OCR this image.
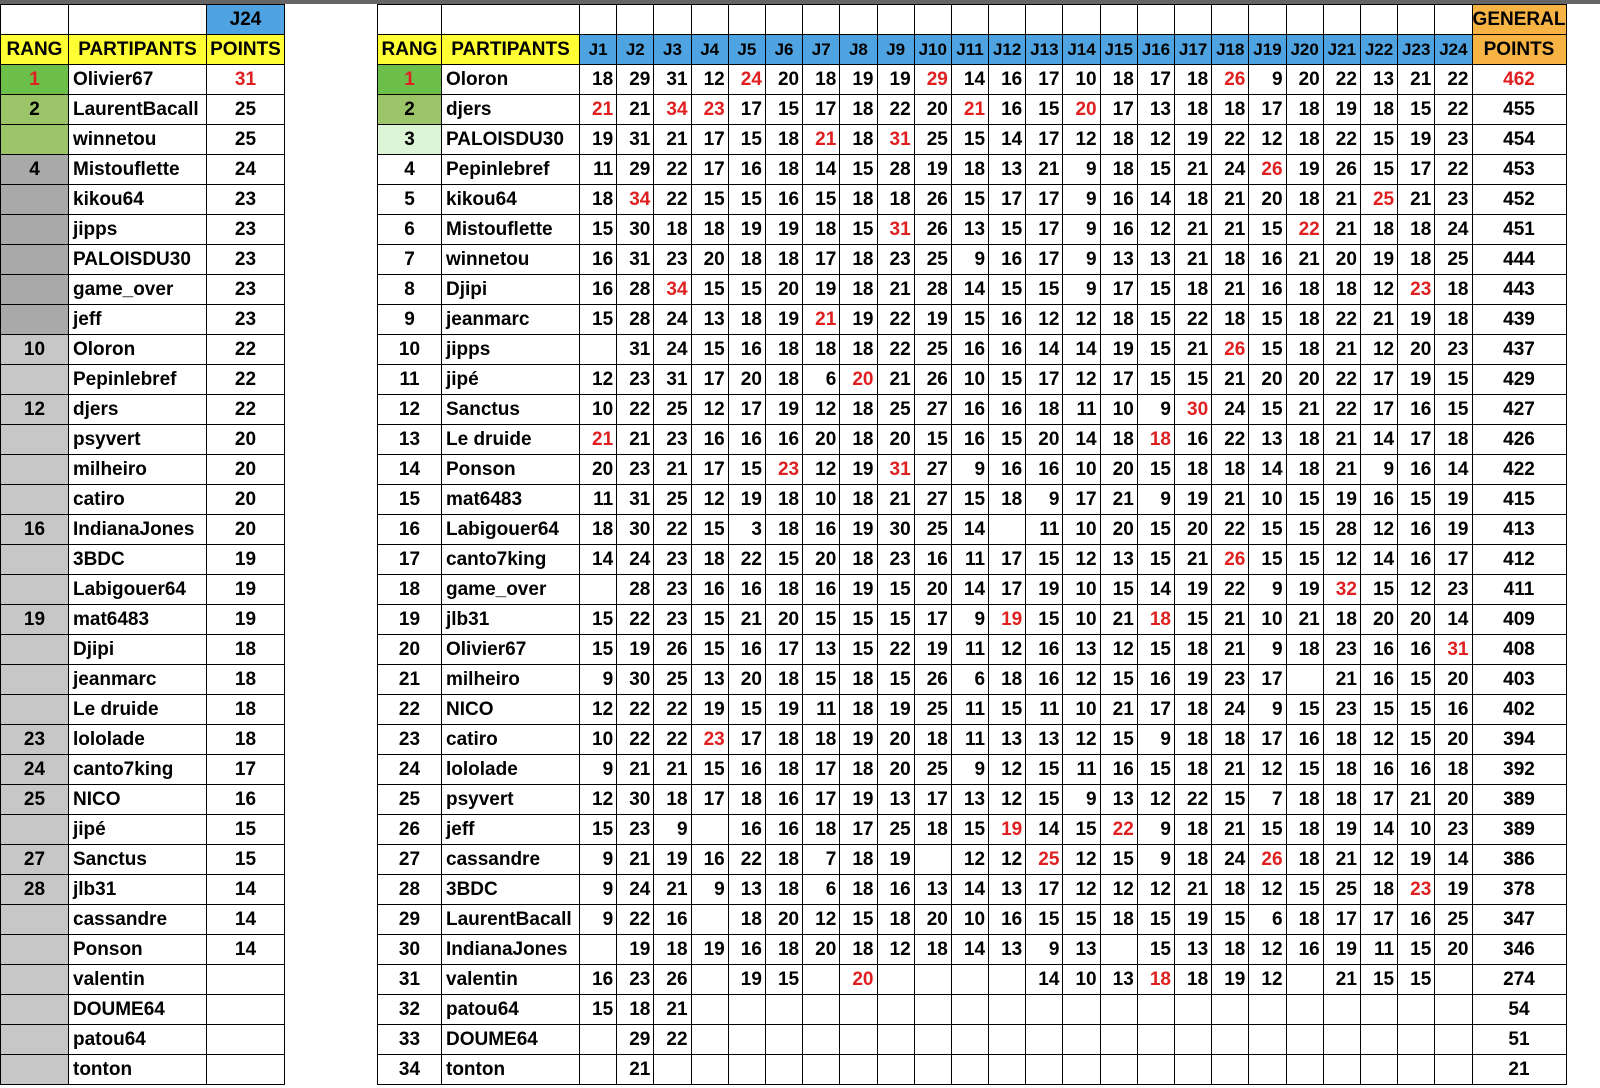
		J24
RANG	PARTIPANTS	POINTS
1	Olivier67	31
2	LaurentBacall	25
	winnetou	25
4	Mistouflette	24
	kikou64	23
	jipps	23
	PALOISDU30	23
	game_over	23
	jeff	23
10	Oloron	22
	Pepinlebref	22
12	djers	22
	psyvert	20
	milheiro	20
	catiro	20
16	IndianaJones	20
	3BDC	19
	Labigouer64	19
19	mat6483	19
	Djipi	18
	jeanmarc	18
	Le druide	18
23	lololade	18
24	canto7king	17
25	NICO	16
	jipé	15
27	Sanctus	15
28	jlb31	14
	cassandre	14
	Ponson	14
	valentin	
	DOUME64	
	patou64	
	tonton	
																										GENERAL
RANG	PARTIPANTS	J1	J2	J3	J4	J5	J6	J7	J8	J9	J10	J11	J12	J13	J14	J15	J16	J17	J18	J19	J20	J21	J22	J23	J24	POINTS
1	Oloron	18	29	31	12	24	20	18	19	19	29	14	16	17	10	18	17	18	26	9	20	22	13	21	22	462
2	djers	21	21	34	23	17	15	17	18	22	20	21	16	15	20	17	13	18	18	17	18	19	18	15	22	455
3	PALOISDU30	19	31	21	17	15	18	21	18	31	25	15	14	17	12	18	12	19	22	12	18	22	15	19	23	454
4	Pepinlebref	11	29	22	17	16	18	14	15	28	19	18	13	21	9	18	15	21	24	26	19	26	15	17	22	453
5	kikou64	18	34	22	15	15	16	15	18	18	26	15	17	17	9	16	14	18	21	20	18	21	25	21	23	452
6	Mistouflette	15	30	18	18	19	19	18	15	31	26	13	15	17	9	16	12	21	21	15	22	21	18	18	24	451
7	winnetou	16	31	23	20	18	18	17	18	23	25	9	16	17	9	13	13	21	18	16	21	20	19	18	25	444
8	Djipi	16	28	34	15	15	20	19	18	21	28	14	15	15	9	17	15	18	21	16	18	18	12	23	18	443
9	jeanmarc	15	28	24	13	18	19	21	19	22	19	15	16	12	12	18	15	22	18	15	18	22	21	19	18	439
10	jipps		31	24	15	16	18	18	18	22	25	16	16	14	14	19	15	21	26	15	18	21	12	20	23	437
11	jipé	12	23	31	17	20	18	6	20	21	26	10	15	17	12	17	15	15	21	20	20	22	17	19	15	429
12	Sanctus	10	22	25	12	17	19	12	18	25	27	16	16	18	11	10	9	30	24	15	21	22	17	16	15	427
13	Le druide	21	21	23	16	16	16	20	18	20	15	16	15	20	14	18	18	16	22	13	18	21	14	17	18	426
14	Ponson	20	23	21	17	15	23	12	19	31	27	9	16	16	10	20	15	18	18	14	18	21	9	16	14	422
15	mat6483	11	31	25	12	19	18	10	18	21	27	15	18	9	17	21	9	19	21	10	15	19	16	15	19	415
16	Labigouer64	18	30	22	15	3	18	16	19	30	25	14		11	10	20	15	20	22	15	15	28	12	16	19	413
17	canto7king	14	24	23	18	22	15	20	18	23	16	11	17	15	12	13	15	21	26	15	15	12	14	16	17	412
18	game_over		28	23	16	16	18	16	19	15	20	14	17	19	10	15	14	19	22	9	19	32	15	12	23	411
19	jlb31	15	22	23	15	21	20	15	15	15	17	9	19	15	10	21	18	15	21	10	21	18	20	20	14	409
20	Olivier67	15	19	26	15	16	17	13	15	22	19	11	12	16	13	12	15	18	21	9	18	23	16	16	31	408
21	milheiro	9	30	25	13	20	18	15	18	15	26	6	18	16	12	15	16	19	23	17		21	16	15	20	403
22	NICO	12	22	22	19	15	19	11	18	19	25	11	15	11	10	21	17	18	24	9	15	23	15	15	16	402
23	catiro	10	22	22	23	17	18	18	19	20	18	11	13	13	12	15	9	18	18	17	16	18	12	15	20	394
24	lololade	9	21	21	15	16	18	17	18	20	25	9	12	15	11	16	15	18	21	12	15	18	16	16	18	392
25	psyvert	12	30	18	17	18	16	17	19	13	17	13	12	15	9	13	12	22	15	7	18	18	17	21	20	389
26	jeff	15	23	9		16	16	18	17	25	18	15	19	14	15	22	9	18	21	15	18	19	14	10	23	389
27	cassandre	9	21	19	16	22	18	7	18	19		12	12	25	12	15	9	18	24	26	18	21	12	19	14	386
28	3BDC	9	24	21	9	13	18	6	18	16	13	14	13	17	12	12	12	21	18	12	15	25	18	23	19	378
29	LaurentBacall	9	22	16		18	20	12	15	18	20	10	16	15	15	18	15	19	15	6	18	17	17	16	25	347
30	IndianaJones		19	18	19	16	18	20	18	12	18	14	13	9	13		15	13	18	12	16	19	11	15	20	346
31	valentin	16	23	26		19	15		20					14	10	13	18	18	19	12		21	15	15		274
32	patou64	15	18	21																						54
33	DOUME64		29	22																						51
34	tonton		21																							21
